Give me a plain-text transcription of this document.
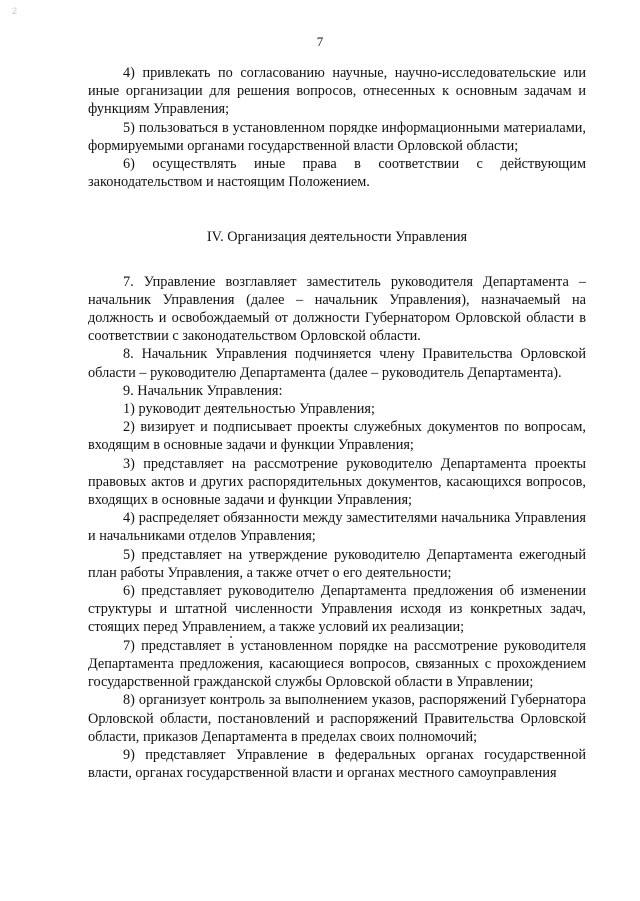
2
7

4) привлекать по согласованию научные, научно-исследовательские или иные организации для решения вопросов, отнесенных к основным задачам и функциям Управления;

5) пользоваться в установленном порядке информационными материалами, формируемыми органами государственной власти Орловской области;

6) осуществлять иные права в соответствии с действующим законодательством и настоящим Положением.

IV. Организация деятельности Управления

7. Управление возглавляет заместитель руководителя Департамента – начальник Управления (далее – начальник Управления), назначаемый на должность и освобождаемый от должности Губернатором Орловской области в соответствии с законодательством Орловской области.

8. Начальник Управления подчиняется члену Правительства Орловской области – руководителю Департамента (далее – руководитель Департамента).

9. Начальник Управления:

1) руководит деятельностью Управления;

2) визирует и подписывает проекты служебных документов по вопросам, входящим в основные задачи и функции Управления;

3) представляет на рассмотрение руководителю Департамента проекты правовых актов и других распорядительных документов, касающихся вопросов, входящих в основные задачи и функции Управления;

4) распределяет обязанности между заместителями начальника Управления и начальниками отделов Управления;

5) представляет на утверждение руководителю Департамента ежегодный план работы Управления, а также отчет о его деятельности;

6) представляет руководителю Департамента предложения об изменении структуры и штатной численности Управления исходя из конкретных задач, стоящих перед Управлением, а также условий их реализации;

7) представляет в установленном порядке на рассмотрение руководителя Департамента предложения, касающиеся вопросов, связанных с прохождением государственной гражданской службы Орловской области в Управлении;

8) организует контроль за выполнением указов, распоряжений Губернатора Орловской области, постановлений и распоряжений Правительства Орловской области, приказов Департамента в пределах своих полномочий;

9) представляет Управление в федеральных органах государственной власти, органах государственной власти и органах местного самоуправления
